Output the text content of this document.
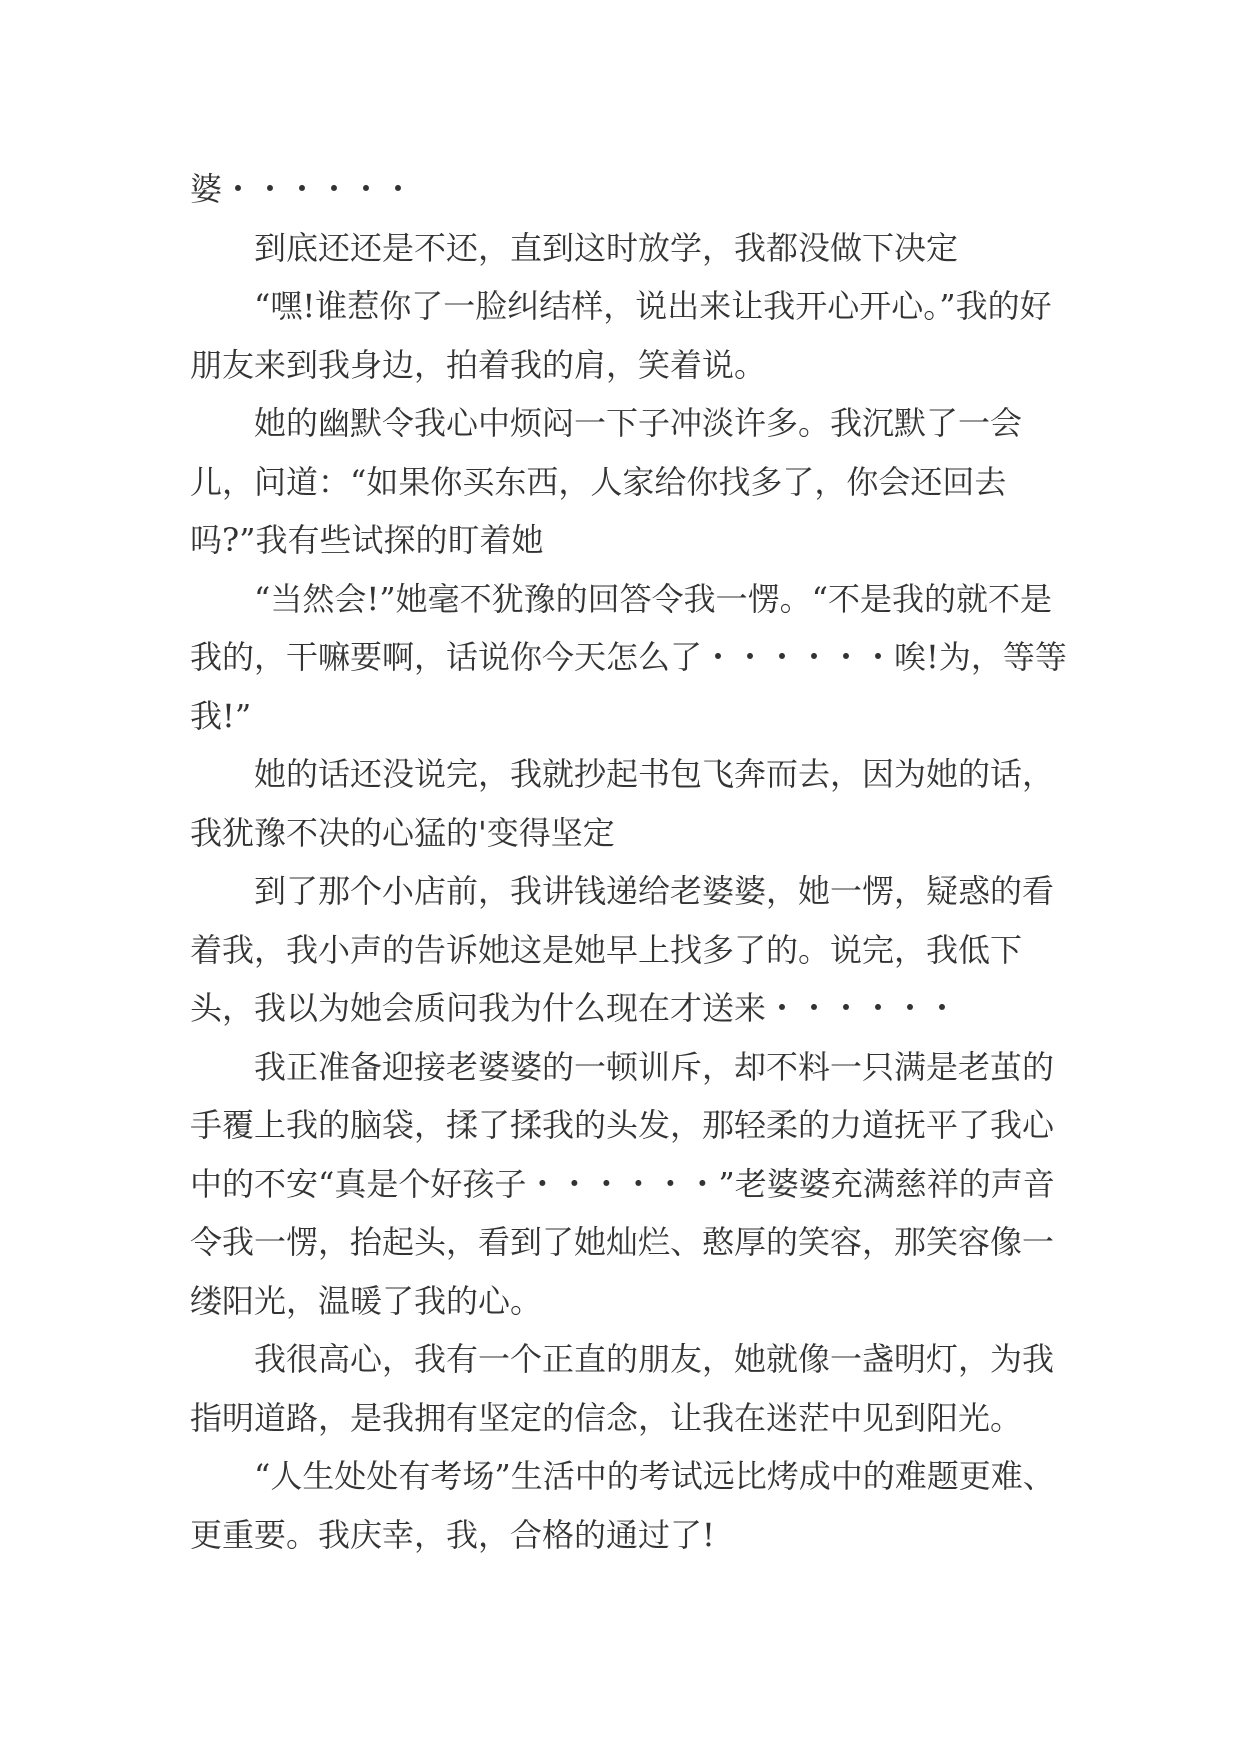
婆・・・・・・

到底还还是不还，直到这时放学，我都没做下决定

“嘿!谁惹你了一脸纠结样，说出来让我开心开心。”我的好朋友来到我身边，拍着我的肩，笑着说。

她的幽默令我心中烦闷一下子冲淡许多。我沉默了一会儿，问道：“如果你买东西，人家给你找多了，你会还回去吗?”我有些试探的盯着她

“当然会!”她毫不犹豫的回答令我一愣。“不是我的就不是我的，干嘛要啊，话说你今天怎么了・・・・・・唉!为，等等我!”

她的话还没说完，我就抄起书包飞奔而去，因为她的话，我犹豫不决的心猛的'变得坚定

到了那个小店前，我讲钱递给老婆婆，她一愣，疑惑的看着我，我小声的告诉她这是她早上找多了的。说完，我低下头，我以为她会质问我为什么现在才送来・・・・・・

我正准备迎接老婆婆的一顿训斥，却不料一只满是老茧的手覆上我的脑袋，揉了揉我的头发，那轻柔的力道抚平了我心中的不安“真是个好孩子・・・・・・”老婆婆充满慈祥的声音令我一愣，抬起头，看到了她灿烂、憨厚的笑容，那笑容像一缕阳光，温暖了我的心。

我很高心，我有一个正直的朋友，她就像一盏明灯，为我指明道路，是我拥有坚定的信念，让我在迷茫中见到阳光。

“人生处处有考场”生活中的考试远比烤成中的难题更难、更重要。我庆幸，我，合格的通过了!
